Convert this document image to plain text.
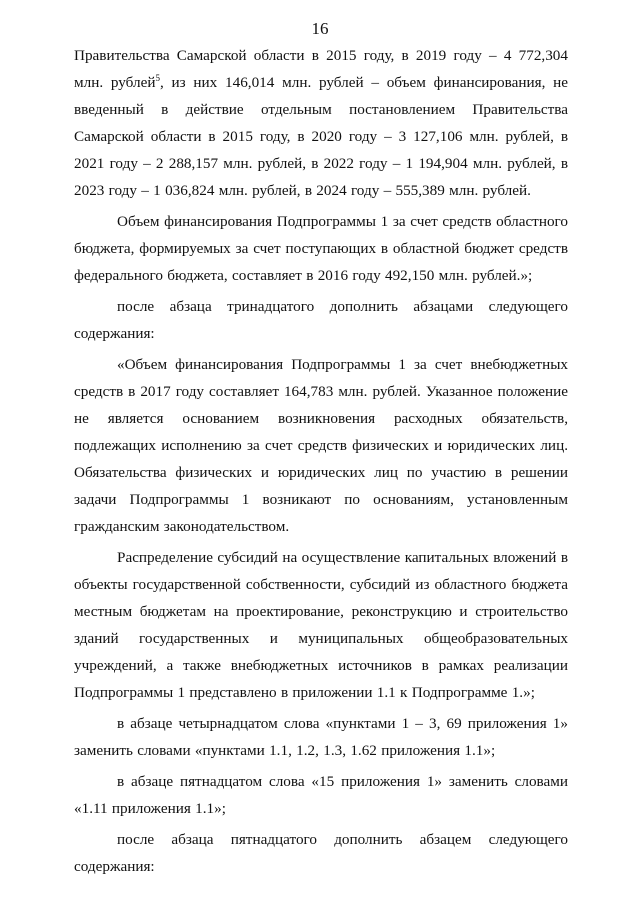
16

Правительства Самарской области в 2015 году, в 2019 году – 4 772,304 млн. рублей$^5$, из них 146,014 млн. рублей – объем финансирования, не введенный в действие отдельным постановлением Правительства Самарской области в 2015 году, в 2020 году – 3 127,106 млн. рублей, в 2021 году – 2 288,157 млн. рублей, в 2022 году – 1 194,904 млн. рублей, в 2023 году – 1 036,824 млн. рублей, в 2024 году – 555,389 млн. рублей.

Объем финансирования Подпрограммы 1 за счет средств областного бюджета, формируемых за счет поступающих в областной бюджет средств федерального бюджета, составляет в 2016 году 492,150 млн. рублей.»;

после абзаца тринадцатого дополнить абзацами следующего содержания:

«Объем финансирования Подпрограммы 1 за счет внебюджетных средств в 2017 году составляет 164,783 млн. рублей. Указанное положение не является основанием возникновения расходных обязательств, подлежащих исполнению за счет средств физических и юридических лиц. Обязательства физических и юридических лиц по участию в решении задачи Подпрограммы 1 возникают по основаниям, установленным гражданским законодательством.

Распределение субсидий на осуществление капитальных вложений в объекты государственной собственности, субсидий из областного бюджета местным бюджетам на проектирование, реконструкцию и строительство зданий государственных и муниципальных общеобразовательных учреждений, а также внебюджетных источников в рамках реализации Подпрограммы 1 представлено в приложении 1.1 к Подпрограмме 1.»;

в абзаце четырнадцатом слова «пунктами 1 – 3, 69 приложения 1» заменить словами «пунктами 1.1, 1.2, 1.3, 1.62 приложения 1.1»;

в абзаце пятнадцатом слова «15 приложения 1» заменить словами «1.11 приложения 1.1»;

после абзаца пятнадцатого дополнить абзацем следующего содержания:
